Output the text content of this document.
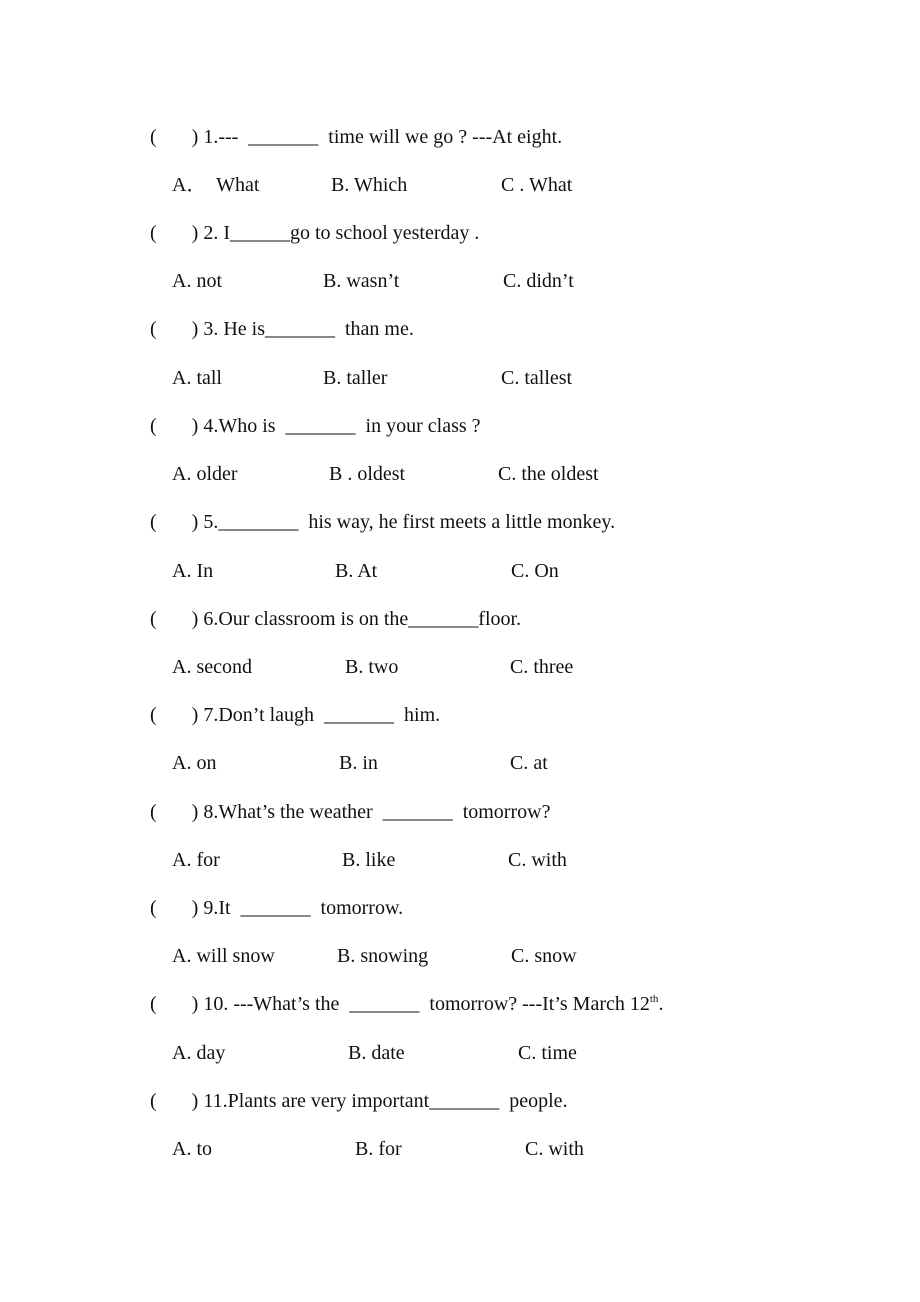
(　   ) 1.---  _______  time will we go ? ---At eight.
A．  What	B. Which	C . What
(       ) 2. I______go to school yesterday .
A. not	B. wasn’t	C. didn’t
(       ) 3. He is_______  than me.
A. tall	B. taller	C. tallest
(       ) 4.Who is  _______  in your class ?
A. older	B . oldest	C. the oldest
(       ) 5.________  his way, he first meets a little monkey.
A. In	B. At	C. On
(       ) 6.Our classroom is on the_______floor.
A. second	B. two	C. three
(       ) 7.Don’t laugh  _______  him.
A. on	B. in	C. at
(       ) 8.What’s the weather  _______  tomorrow?
A. for	B. like	C. with
(       ) 9.It  _______  tomorrow.
A. will snow	B. snowing	C. snow
(       ) 10. ---What’s the  _______  tomorrow? ---It’s March 12th.
A. day	B. date	C. time
(       ) 11.Plants are very important_______  people.
A. to	B. for	C. with
